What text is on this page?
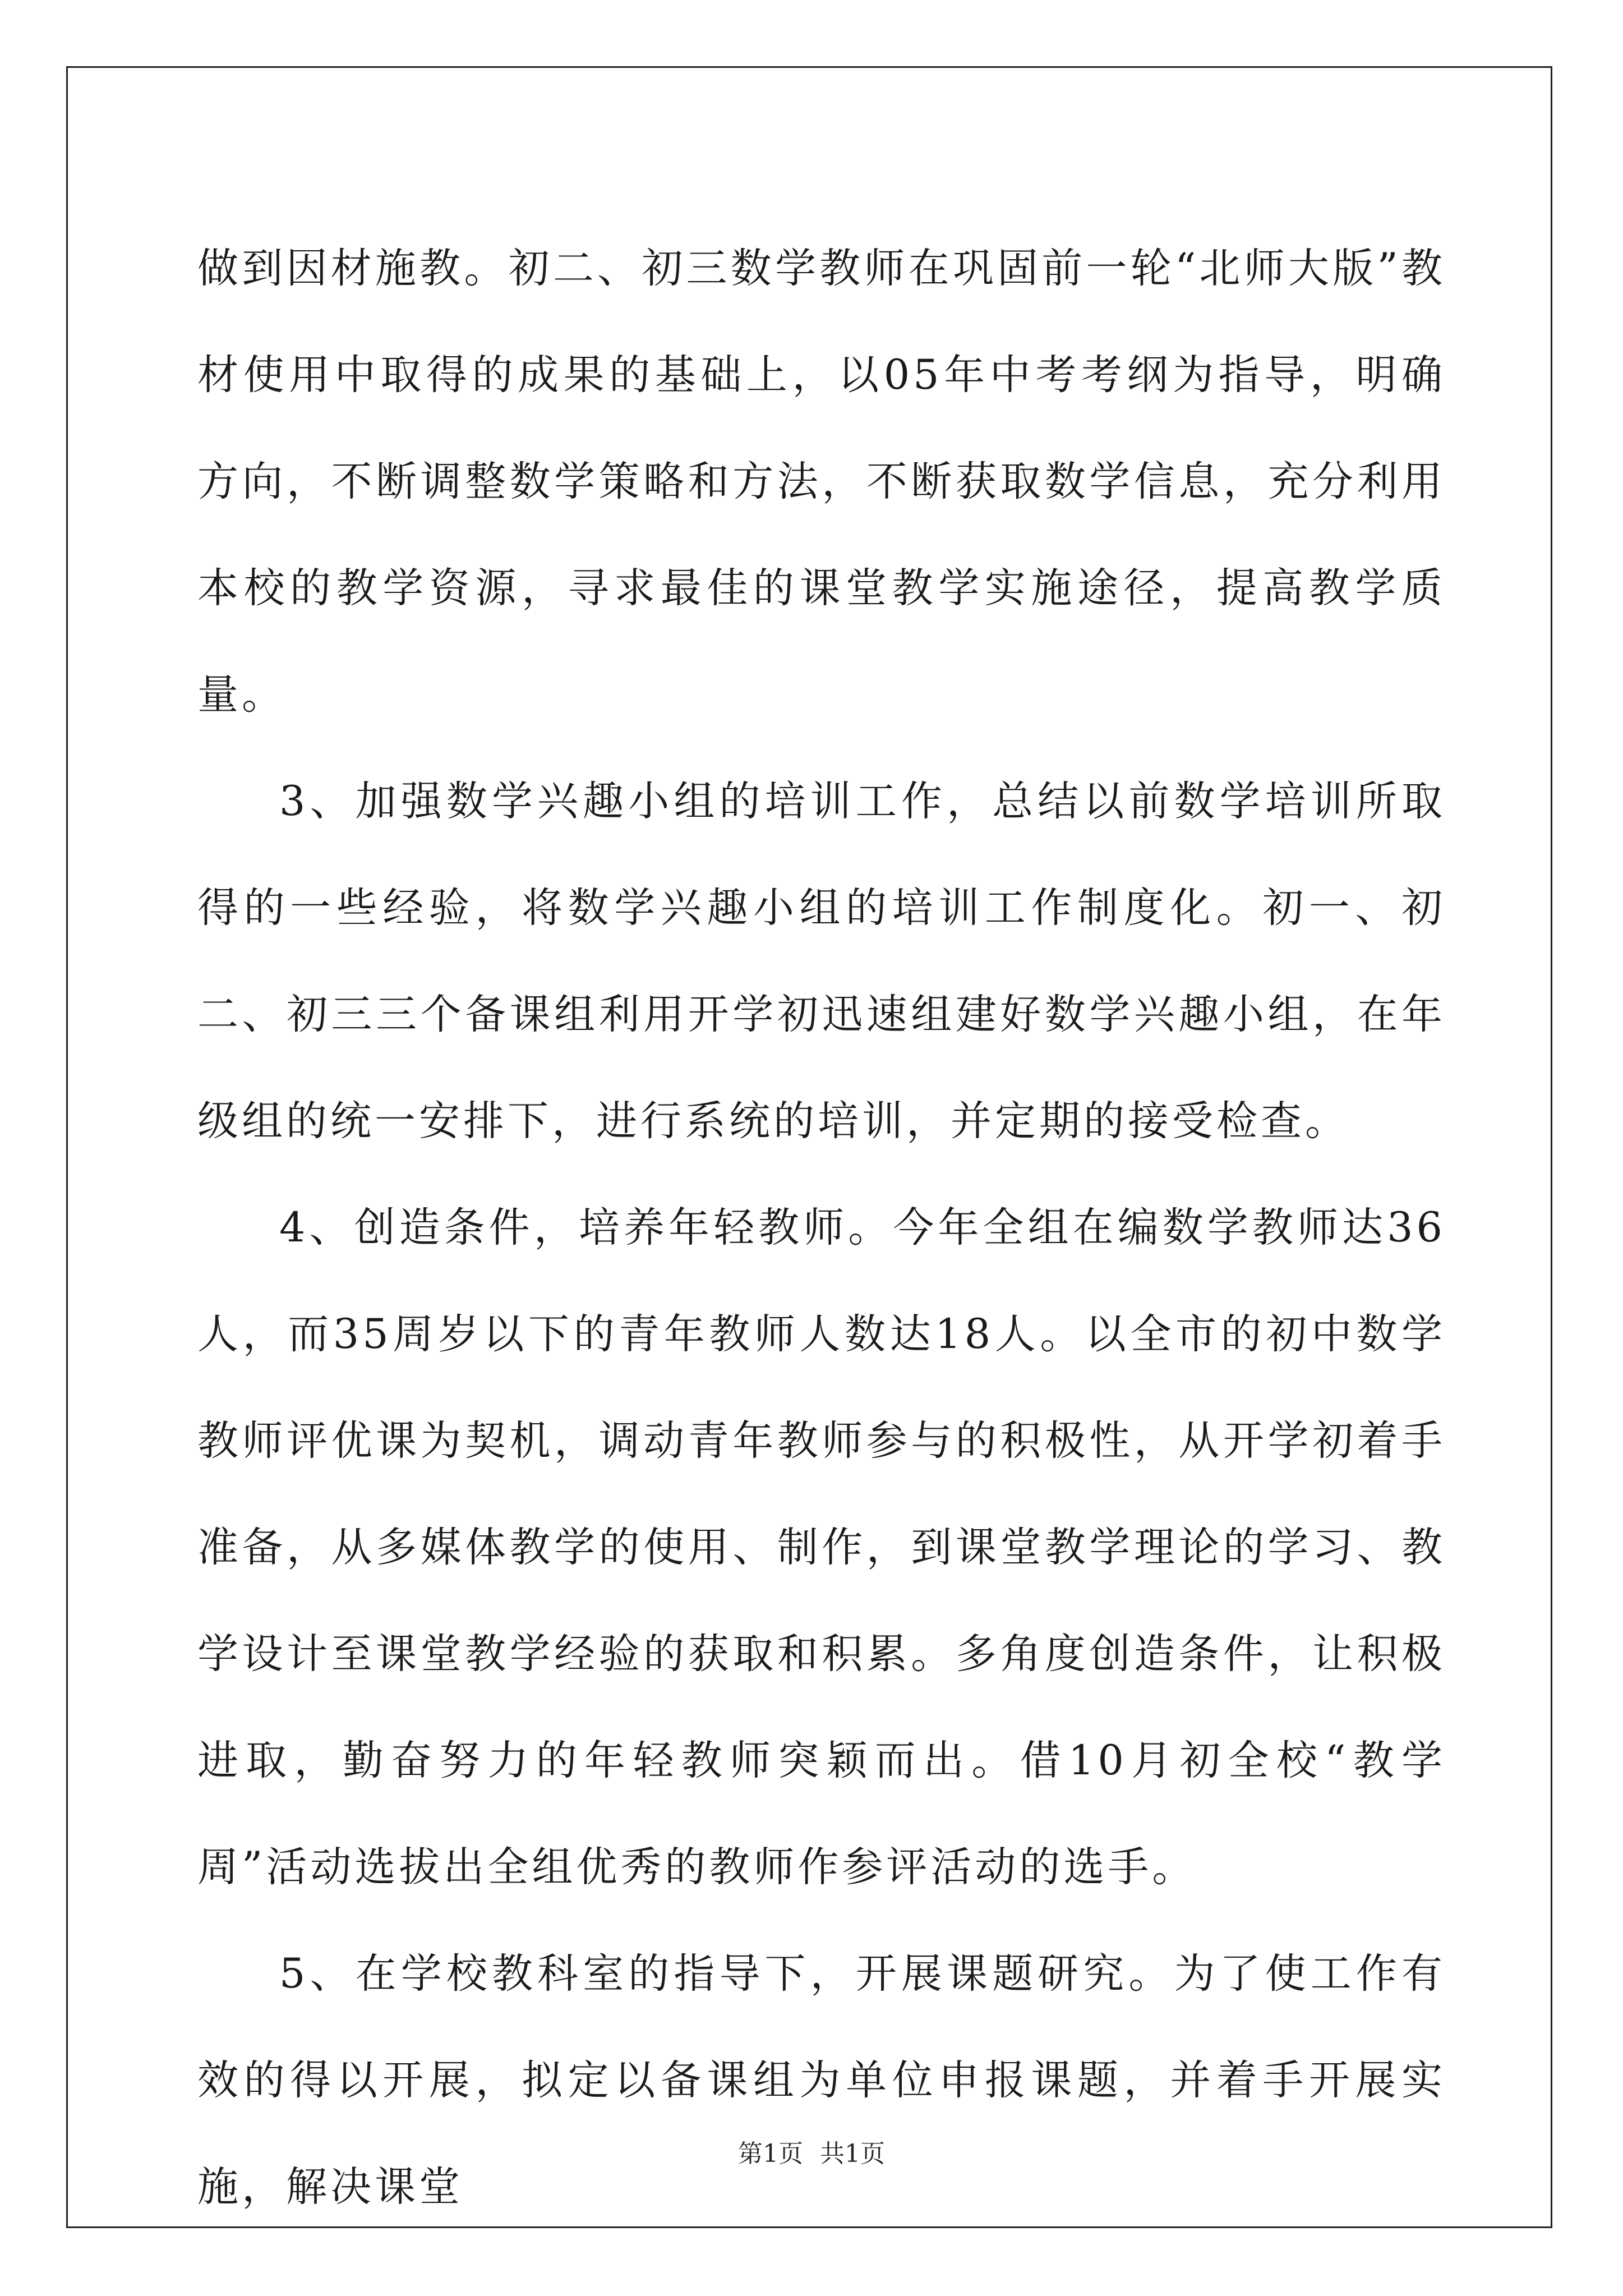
做到因材施教。初二、初三数学教师在巩固前一轮“北师大版”教材使用中取得的成果的基础上，以05年中考考纲为指导，明确方向，不断调整数学策略和方法，不断获取数学信息，充分利用本校的教学资源，寻求最佳的课堂教学实施途径，提高教学质量。

3、加强数学兴趣小组的培训工作，总结以前数学培训所取得的一些经验，将数学兴趣小组的培训工作制度化。初一、初二、初三三个备课组利用开学初迅速组建好数学兴趣小组，在年级组的统一安排下，进行系统的培训，并定期的接受检查。

4、创造条件，培养年轻教师。今年全组在编数学教师达36人，而35周岁以下的青年教师人数达18人。以全市的初中数学教师评优课为契机，调动青年教师参与的积极性，从开学初着手准备，从多媒体教学的使用、制作，到课堂教学理论的学习、教学设计至课堂教学经验的获取和积累。多角度创造条件，让积极进取，勤奋努力的年轻教师突颖而出。借10月初全校“教学周”活动选拔出全组优秀的教师作参评活动的选手。

5、在学校教科室的指导下，开展课题研究。为了使工作有效的得以开展，拟定以备课组为单位申报课题，并着手开展实施，解决课堂

第1页 共1页
